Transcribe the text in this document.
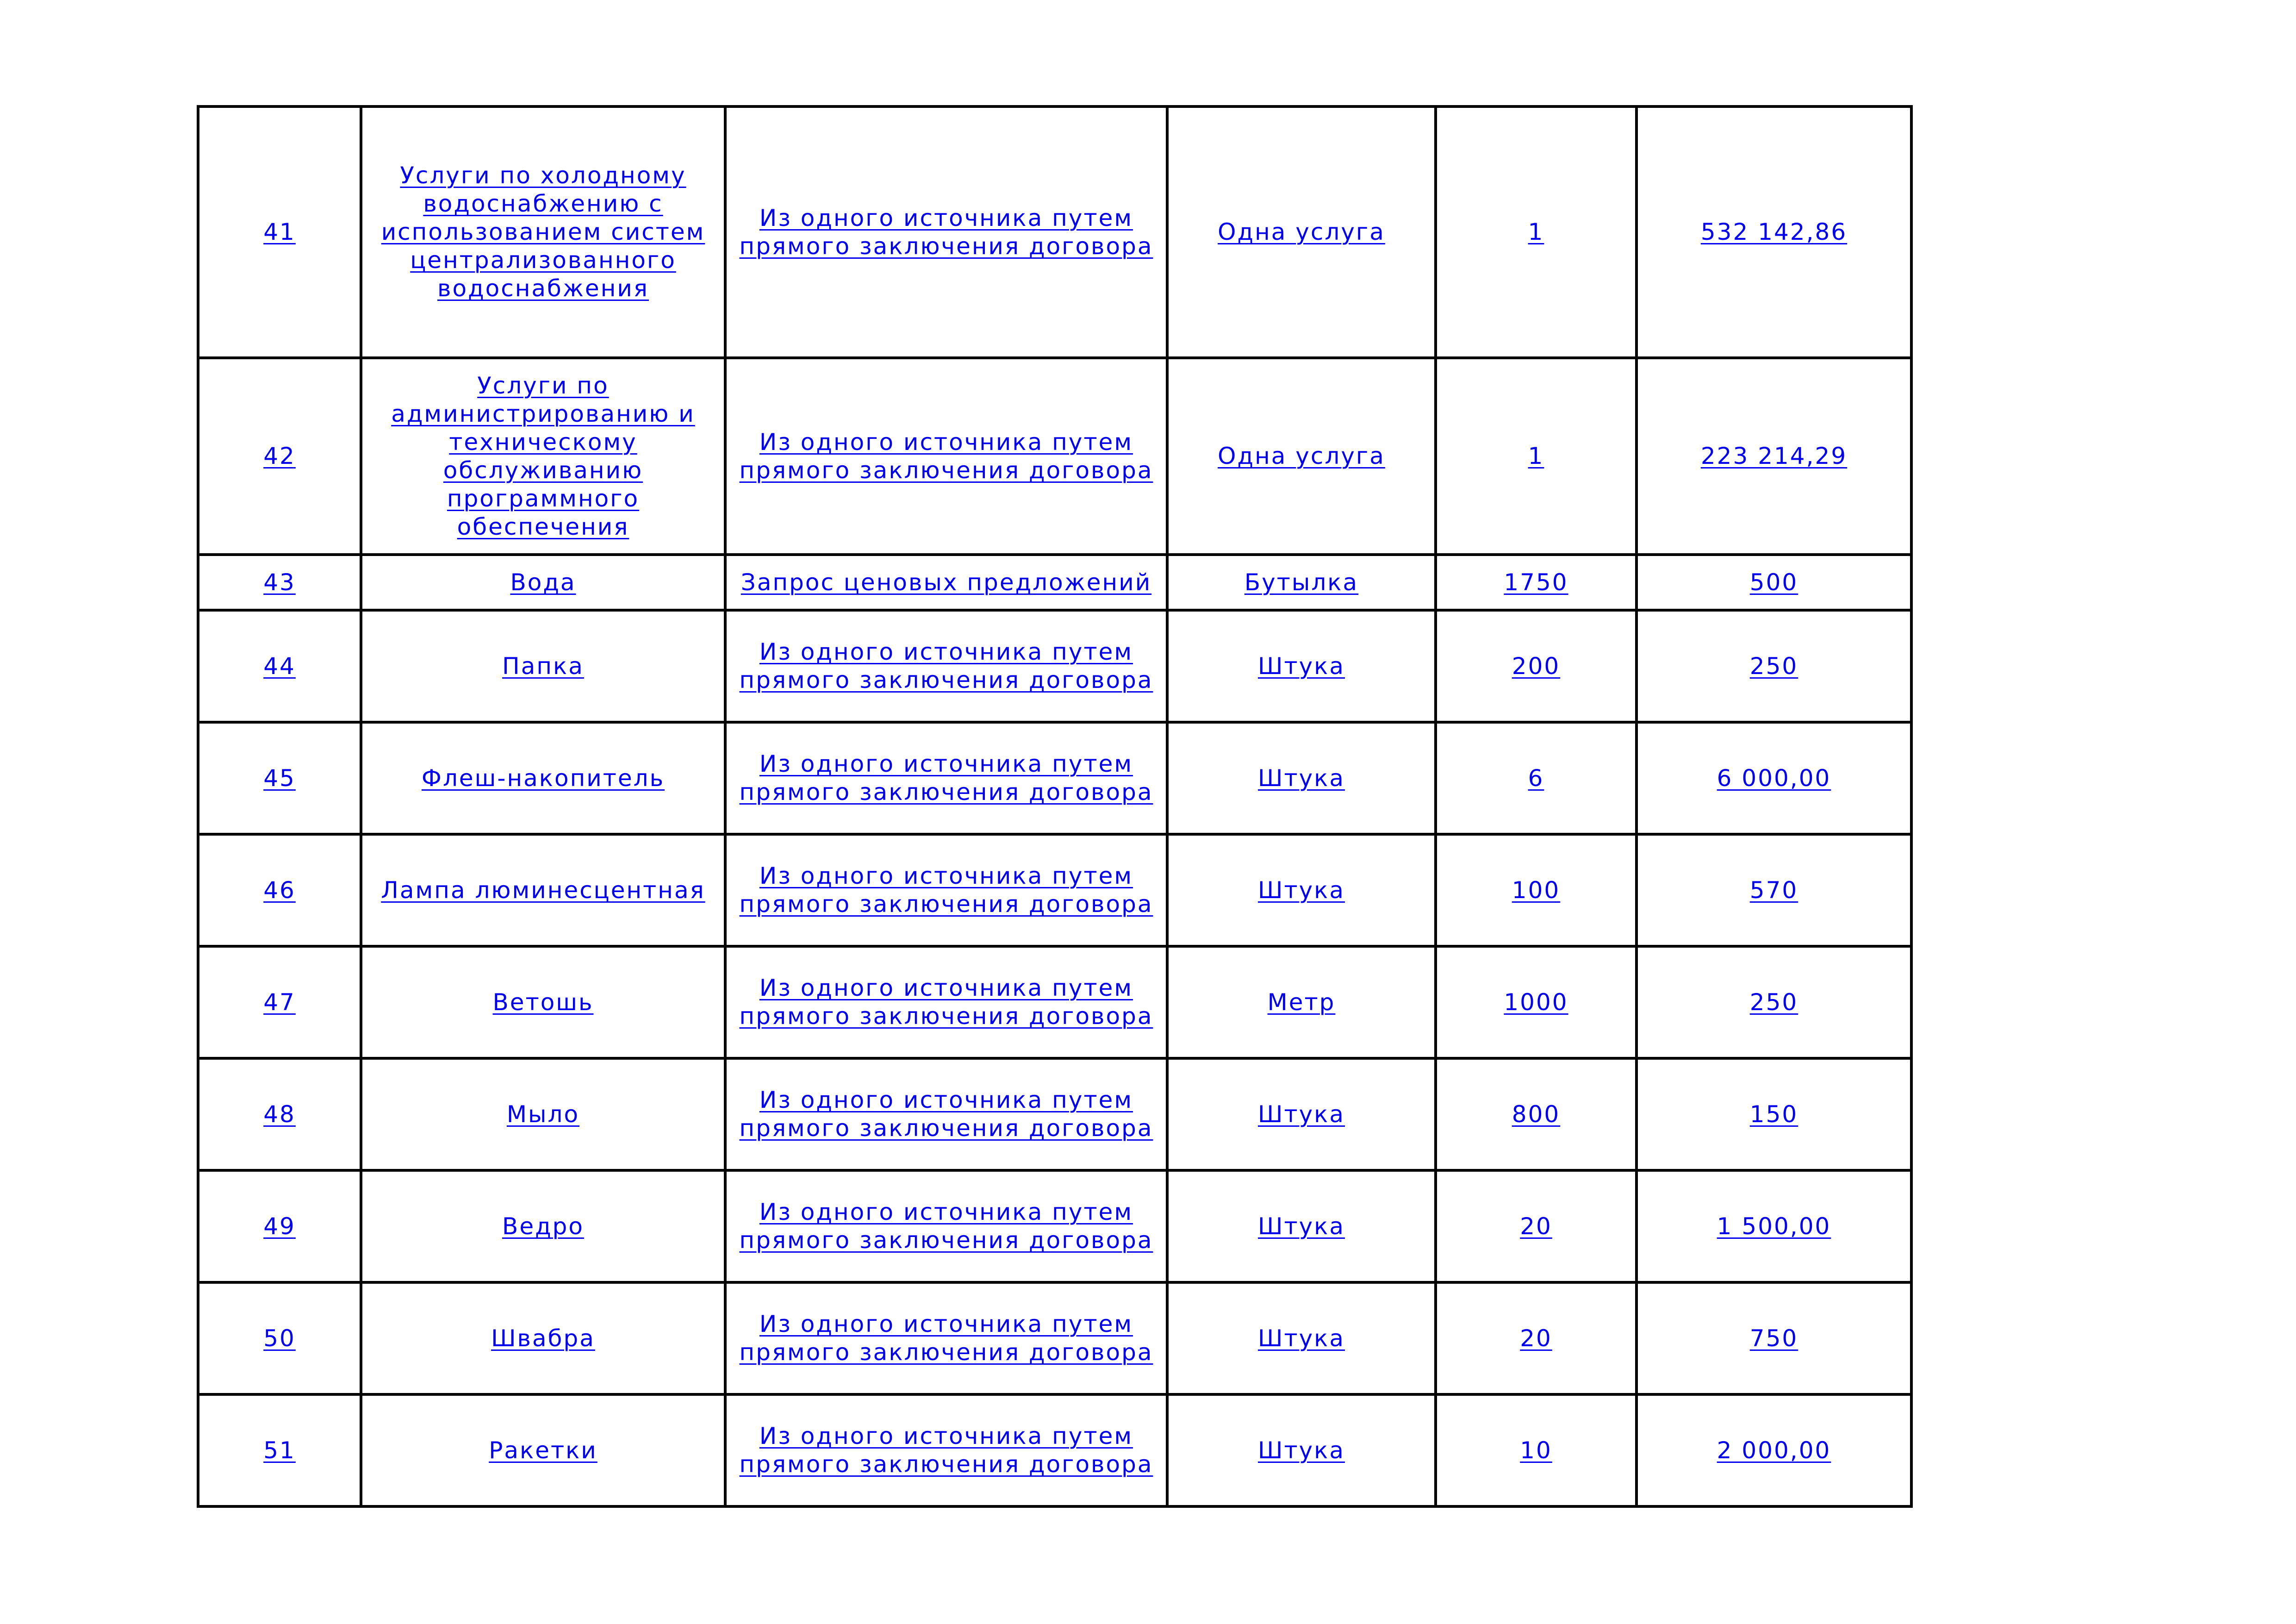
41	Услуги по холодному водоснабжению с использованием систем централизованного водоснабжения	Из одного источника путем прямого заключения договора	Одна услуга	1	532 142,86
42	Услуги по администрированию и техническому обслуживанию программного обеспечения	Из одного источника путем прямого заключения договора	Одна услуга	1	223 214,29
43	Вода	Запрос ценовых предложений	Бутылка	1750	500
44	Папка	Из одного источника путем прямого заключения договора	Штука	200	250
45	Флеш-накопитель	Из одного источника путем прямого заключения договора	Штука	6	6 000,00
46	Лампа люминесцентная	Из одного источника путем прямого заключения договора	Штука	100	570
47	Ветошь	Из одного источника путем прямого заключения договора	Метр	1000	250
48	Мыло	Из одного источника путем прямого заключения договора	Штука	800	150
49	Ведро	Из одного источника путем прямого заключения договора	Штука	20	1 500,00
50	Швабра	Из одного источника путем прямого заключения договора	Штука	20	750
51	Ракетки	Из одного источника путем прямого заключения договора	Штука	10	2 000,00
